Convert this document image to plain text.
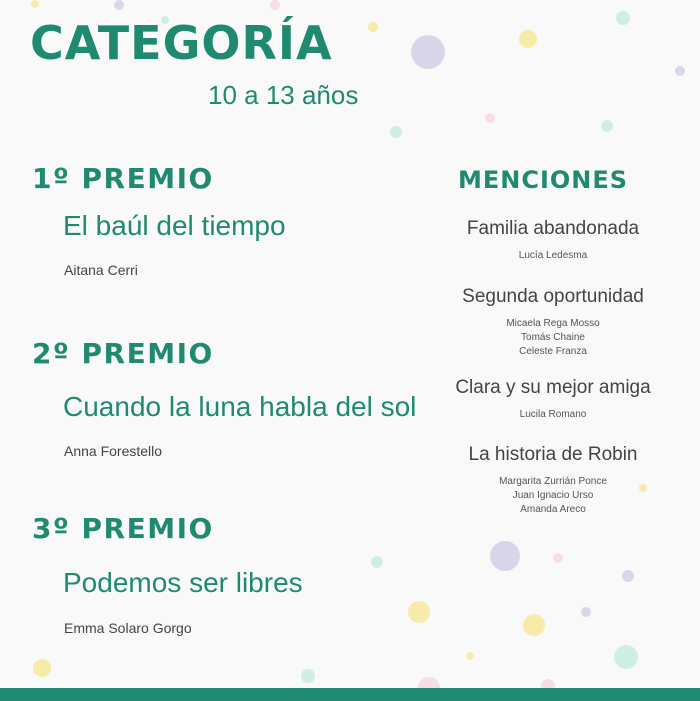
CATEGORÍA
10 a 13 años
1º PREMIO
El baúl del tiempo
Aitana Cerri
2º PREMIO
Cuando la luna habla del sol
Anna Forestello
3º PREMIO
Podemos ser libres
Emma Solaro Gorgo
MENCIONES
Familia abandonada
Lucía Ledesma
Segunda oportunidad
Micaela Rega Mosso
Tomás Chaine
Celeste Franza
Clara y su mejor amiga
Lucila Romano
La historia de Robin
Margarita Zurrián Ponce
Juan Ignacio Urso
Amanda Areco
